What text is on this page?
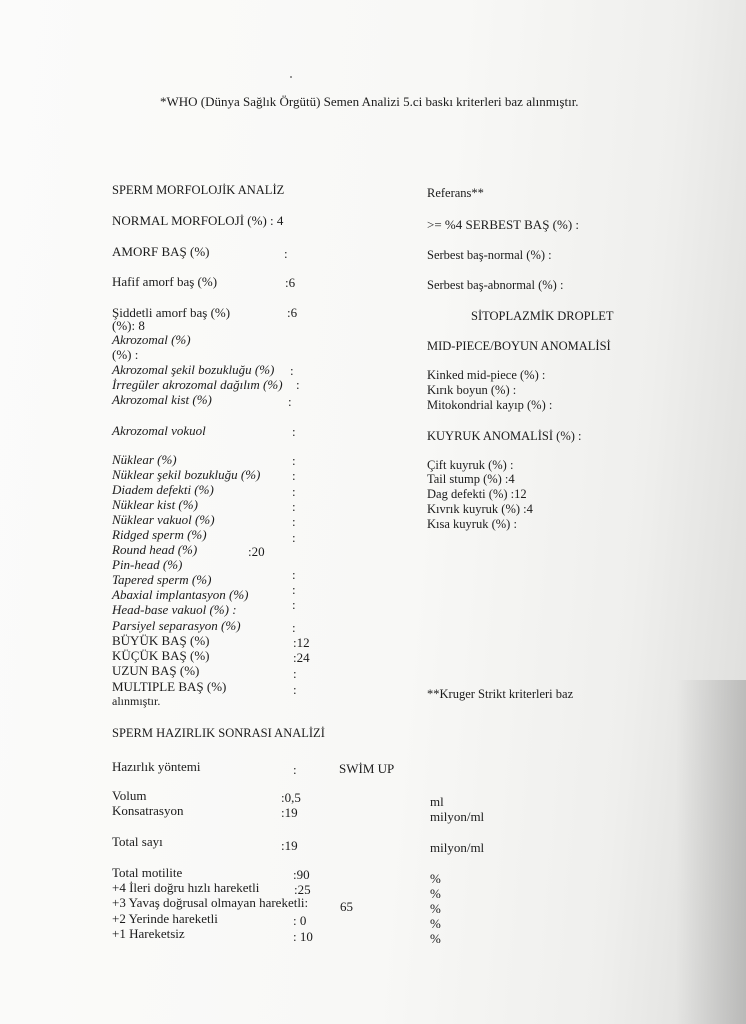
*WHO (Dünya Sağlık Örgütü) Semen Analizi 5.ci baskı kriterleri baz alınmıştır.
SPERM MORFOLOJİK ANALİZ
NORMAL MORFOLOJİ (%) : 4
AMORF BAŞ (%)	:
Hafif amorf baş (%)	:6
Şiddetli amorf baş (%)	:6
(%): 8
Akrozomal (%)
(%) :
Akrozomal şekil bozukluğu (%) :
İrregüler akrozomal dağılım (%) :
Akrozomal kist (%)	:
Akrozomal vokuol	:
Nüklear (%)	:
Nüklear şekil bozukluğu (%) :
Diadem defekti (%)	:
Nüklear kist (%)	:
Nüklear vakuol (%)	:
Ridged sperm (%)	:
Round head (%)	:20
Pin-head (%)
Tapered sperm (%)	:
Abaxial implantasyon (%)	:
Head-base vakuol (%) :	:
Parsiyel separasyon (%)	:
BÜYÜK BAŞ (%)	:12
KÜÇÜK BAŞ (%)	:24
UZUN BAŞ (%)	:
MULTIPLE BAŞ (%)	:
alınmıştır.
Referans**
>= %4 SERBEST BAŞ (%) :
Serbest baş-normal (%) :
Serbest baş-abnormal (%) :
SİTOPLAZMİK DROPLET
MID-PIECE/BOYUN ANOMALİSİ
Kinked mid-piece (%) :
Kırık boyun (%) :
Mitokondrial kayıp (%) :
KUYRUK ANOMALİSİ (%) :
Çift kuyruk (%) :
Tail stump (%) :4
Dag defekti (%) :12
Kıvrık kuyruk (%) :4
Kısa kuyruk (%) :
**Kruger Strikt kriterleri baz
SPERM HAZIRLIK SONRASI ANALİZİ
Hazırlık yöntemi	:	SWİM UP
Volum	:0,5	ml
Konsatrasyon	:19	milyon/ml
Total sayı	:19	milyon/ml
Total motilite	:90	%
+4 İleri doğru hızlı hareketli	:25	%
+3 Yavaş doğrusal olmayan hareketli: 65	%
+2 Yerinde hareketli	: 0	%
+1 Hareketsiz	: 10	%
